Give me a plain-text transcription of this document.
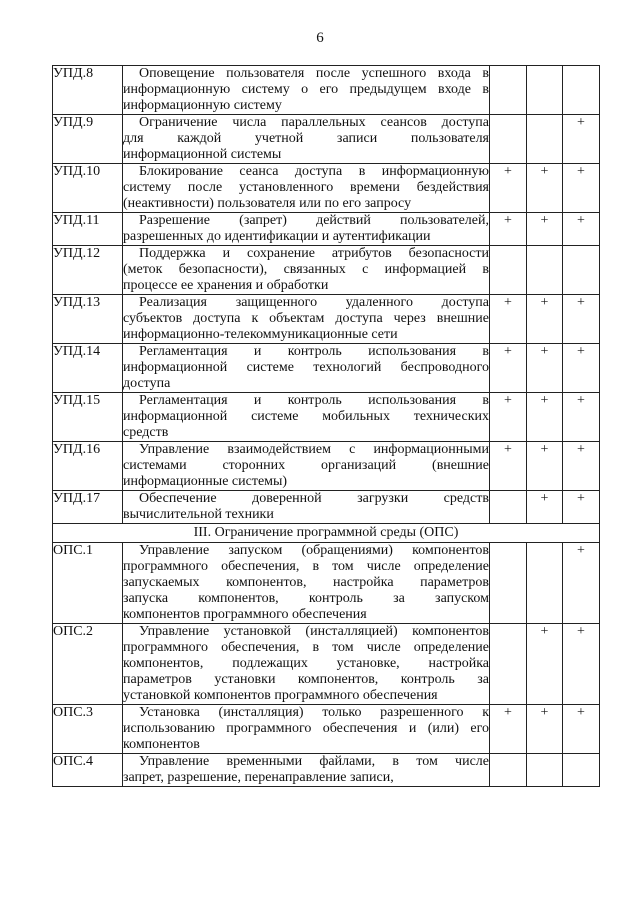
6
УПД.8	Оповещение пользователя после успешного входа в
информационную систему о его предыдущем входе в
информационную систему			

УПД.9	Ограничение числа параллельных сеансов доступа
для каждой учетной записи пользователя
информационной системы			+
УПД.10	Блокирование сеанса доступа в информационную
систему после установленного времени бездействия
(неактивности) пользователя или по его запросу	+	+	+
УПД.11	Разрешение (запрет) действий пользователей,
разрешенных до идентификации и аутентификации	+	+	+
УПД.12	Поддержка и сохранение атрибутов безопасности
(меток безопасности), связанных с информацией в
процессе ее хранения и обработки			

УПД.13	Реализация защищенного удаленного доступа
субъектов доступа к объектам доступа через внешние
информационно-телекоммуникационные сети	+	+	+
УПД.14	Регламентация и контроль использования в
информационной системе технологий беспроводного
доступа	+	+	+
УПД.15	Регламентация и контроль использования в
информационной системе мобильных технических
средств	+	+	+
УПД.16	Управление взаимодействием с информационными
системами сторонних организаций (внешние
информационные системы)	+	+	+
УПД.17	Обеспечение доверенной загрузки средств
вычислительной техники		+	+
III. Ограничение программной среды (ОПС)				
ОПС.1	Управление запуском (обращениями) компонентов
программного обеспечения, в том числе определение
запускаемых компонентов, настройка параметров
запуска компонентов, контроль за запуском
компонентов программного обеспечения			+
ОПС.2	Управление установкой (инсталляцией) компонентов
программного обеспечения, в том числе определение
компонентов, подлежащих установке, настройка
параметров установки компонентов, контроль за
установкой компонентов программного обеспечения		+	+
ОПС.3	Установка (инсталляция) только разрешенного к
использованию программного обеспечения и (или) его
компонентов	+	+	+
ОПС.4	Управление временными файлами, в том числе
запрет, разрешение, перенаправление записи,			
